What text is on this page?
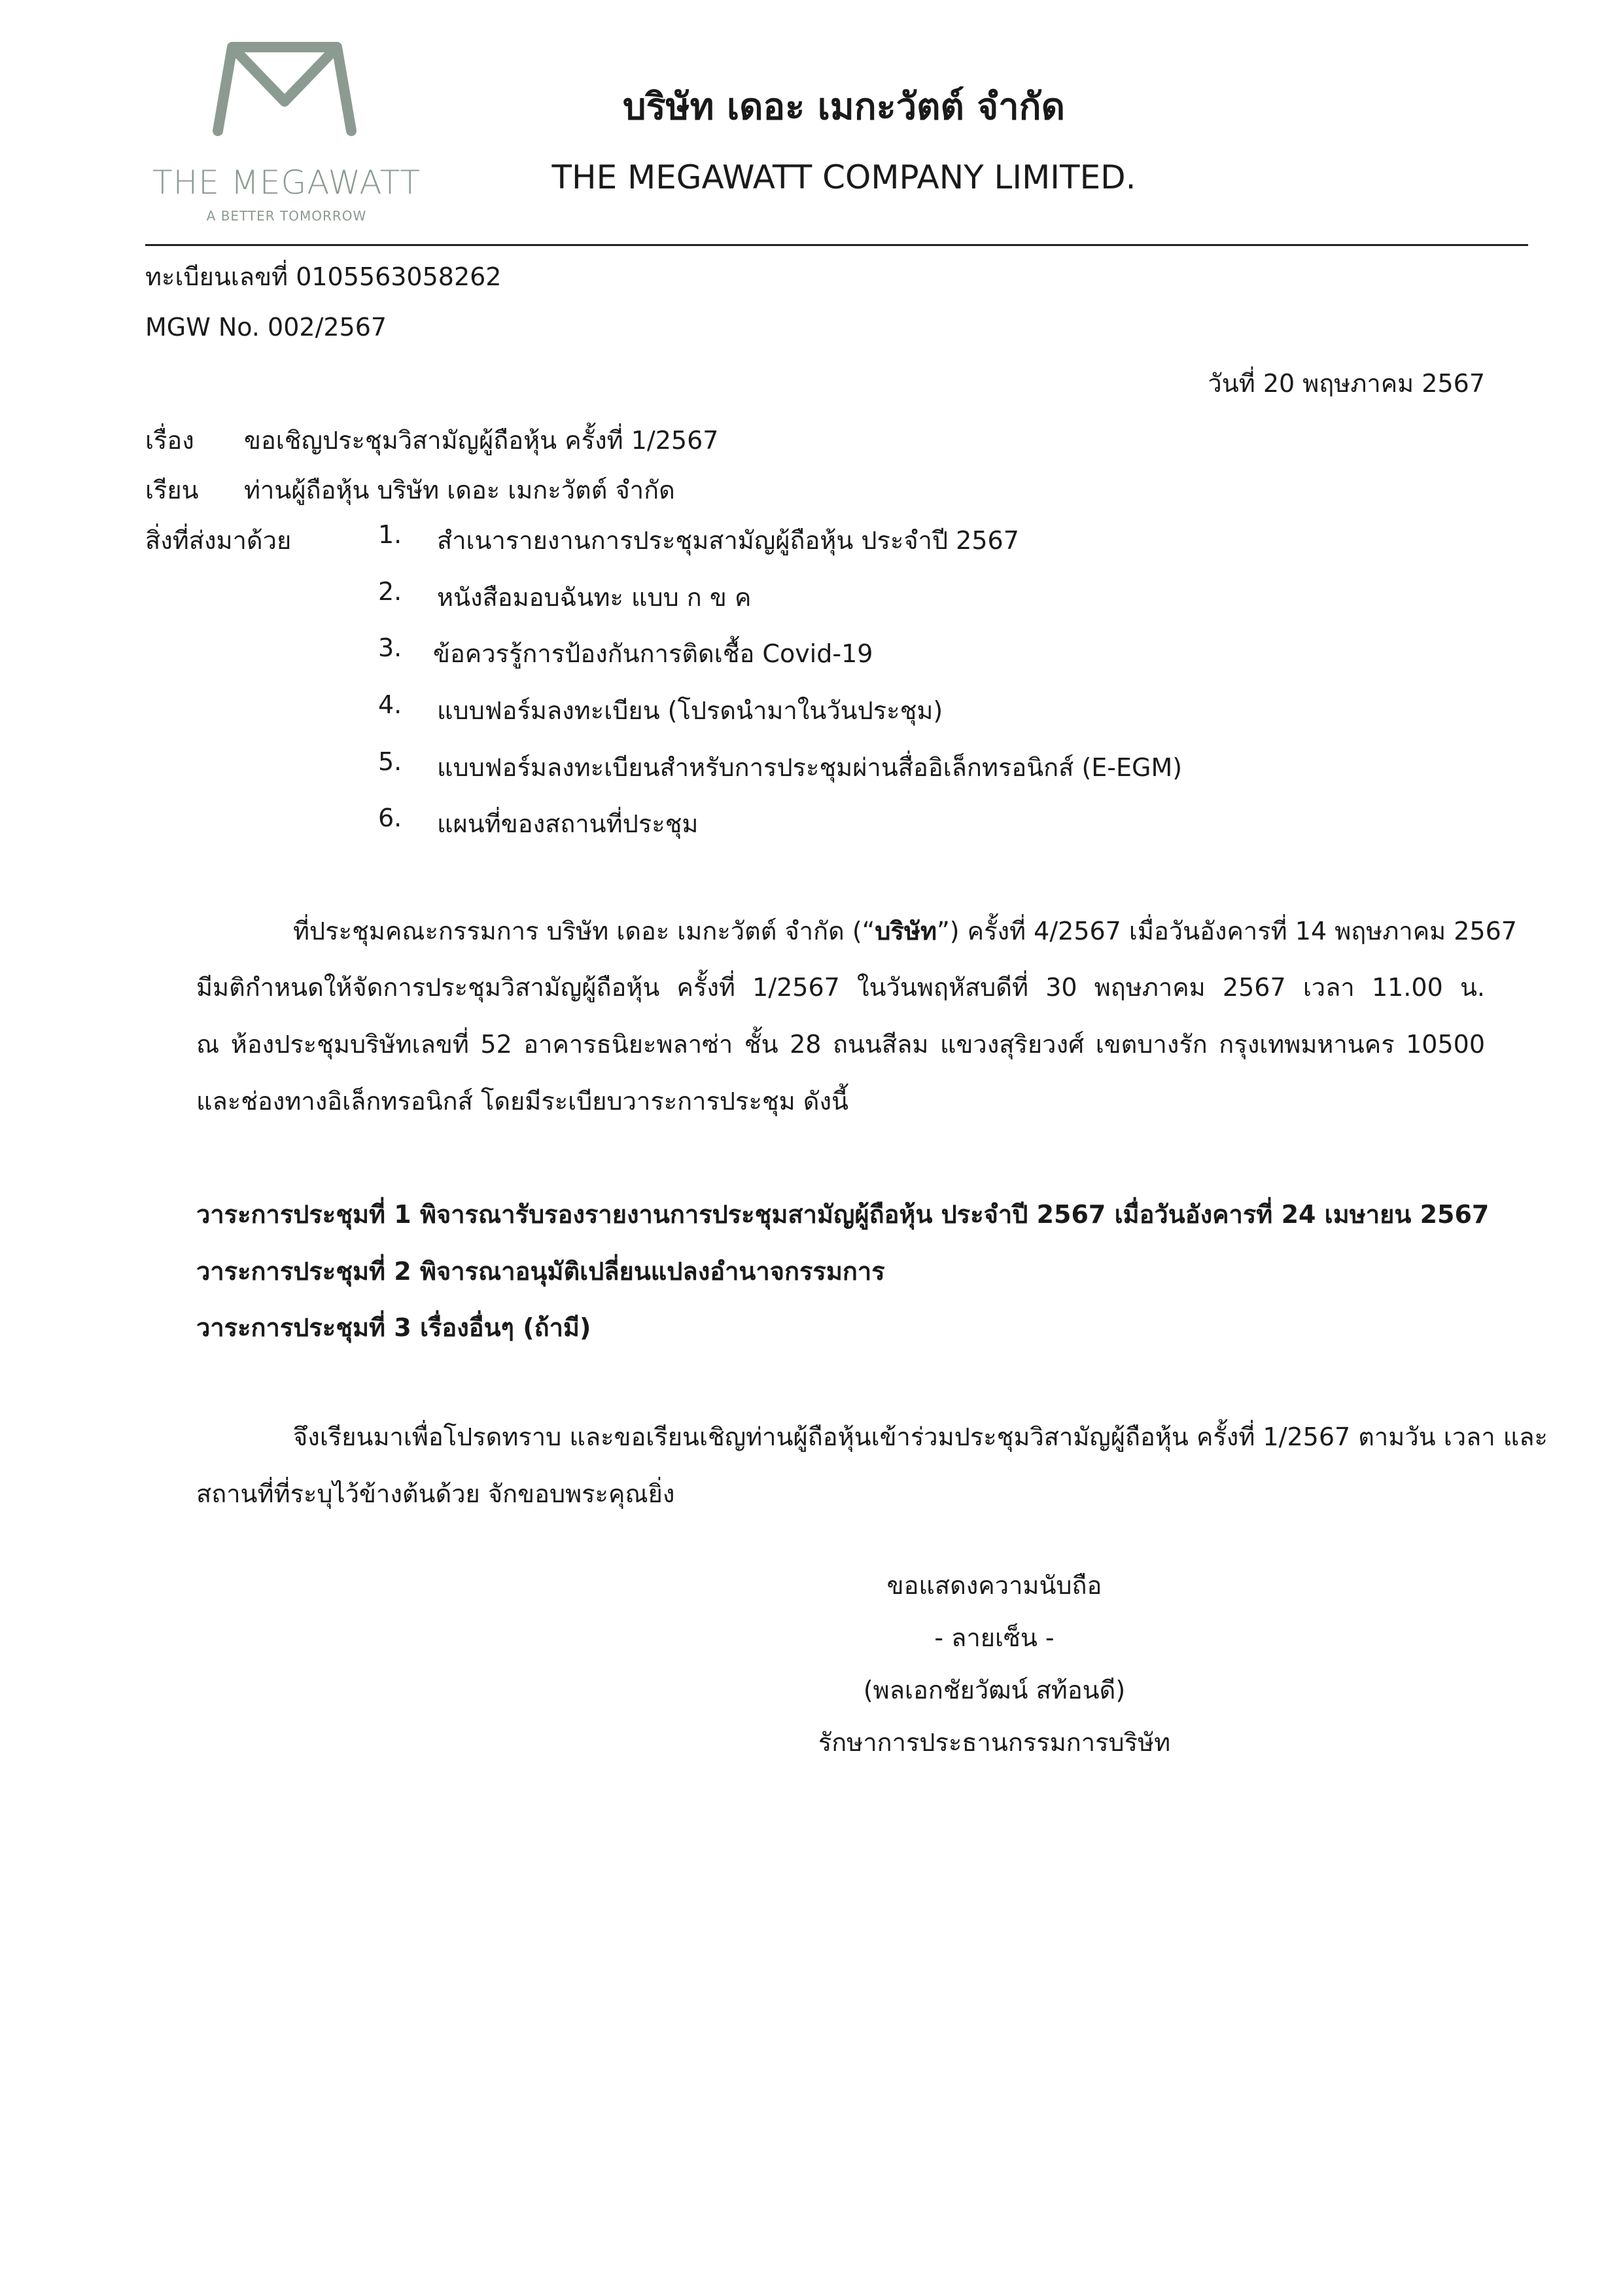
THE MEGAWATT
A BETTER TOMORROW
บริษัท เดอะ เมกะวัตต์ จำกัด
THE MEGAWATT COMPANY LIMITED.
ทะเบียนเลขที่ 0105563058262
MGW No. 002/2567
วันที่ 20 พฤษภาคม 2567
เรื่อง ขอเชิญประชุมวิสามัญผู้ถือหุ้น ครั้งที่ 1/2567
เรียน ท่านผู้ถือหุ้น บริษัท เดอะ เมกะวัตต์ จำกัด
สิ่งที่ส่งมาด้วย	1. สำเนารายงานการประชุมสามัญผู้ถือหุ้น ประจำปี 2567
2. หนังสือมอบฉันทะ แบบ ก ข ค
3. ข้อควรรู้การป้องกันการติดเชื้อ Covid-19
4. แบบฟอร์มลงทะเบียน (โปรดนำมาในวันประชุม)
5. แบบฟอร์มลงทะเบียนสำหรับการประชุมผ่านสื่ออิเล็กทรอนิกส์ (E-EGM)
6. แผนที่ของสถานที่ประชุม
ที่ประชุมคณะกรรมการ บริษัท เดอะ เมกะวัตต์ จำกัด (“บริษัท”) ครั้งที่ 4/2567 เมื่อวันอังคารที่ 14 พฤษภาคม 2567
มีมติกำหนดให้จัดการประชุมวิสามัญผู้ถือหุ้น ครั้งที่ 1/2567 ในวันพฤหัสบดีที่ 30 พฤษภาคม 2567 เวลา 11.00 น.
ณ ห้องประชุมบริษัทเลขที่ 52 อาคารธนิยะพลาซ่า ชั้น 28 ถนนสีลม แขวงสุริยวงศ์ เขตบางรัก กรุงเทพมหานคร 10500
และช่องทางอิเล็กทรอนิกส์ โดยมีระเบียบวาระการประชุม ดังนี้
วาระการประชุมที่ 1 พิจารณารับรองรายงานการประชุมสามัญผู้ถือหุ้น ประจำปี 2567 เมื่อวันอังคารที่ 24 เมษายน 2567
วาระการประชุมที่ 2 พิจารณาอนุมัติเปลี่ยนแปลงอำนาจกรรมการ
วาระการประชุมที่ 3 เรื่องอื่นๆ (ถ้ามี)
จึงเรียนมาเพื่อโปรดทราบ และขอเรียนเชิญท่านผู้ถือหุ้นเข้าร่วมประชุมวิสามัญผู้ถือหุ้น ครั้งที่ 1/2567 ตามวัน เวลา และ
สถานที่ที่ระบุไว้ข้างต้นด้วย จักขอบพระคุณยิ่ง
ขอแสดงความนับถือ
- ลายเซ็น -
(พลเอกชัยวัฒน์ สท้อนดี)
รักษาการประธานกรรมการบริษัท
